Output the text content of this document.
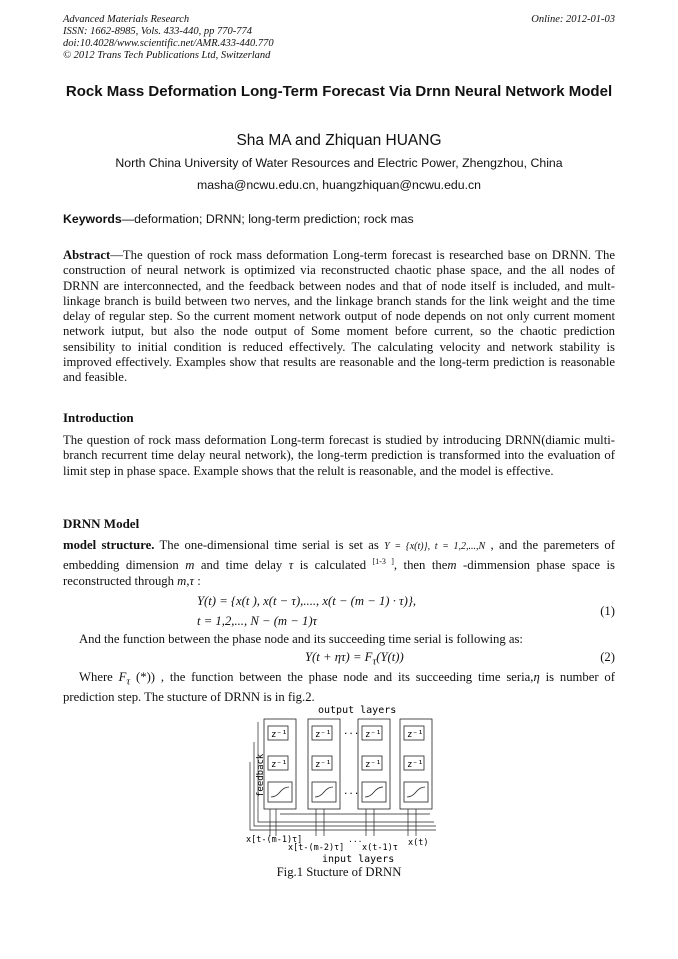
Advanced Materials Research
ISSN: 1662-8985, Vols. 433-440, pp 770-774
doi:10.4028/www.scientific.net/AMR.433-440.770
© 2012 Trans Tech Publications Ltd, Switzerland
Online: 2012-01-03
Rock Mass Deformation Long-Term Forecast Via Drnn Neural Network Model
Sha MA and Zhiquan HUANG
North China University of Water Resources and Electric Power, Zhengzhou, China
masha@ncwu.edu.cn, huangzhiquan@ncwu.edu.cn
Keywords—deformation; DRNN; long-term prediction; rock mas
Abstract—The question of rock mass deformation Long-term forecast is researched base on DRNN. The construction of neural network is optimized via reconstructed chaotic phase space, and the all nodes of DRNN are interconnected, and the feedback between nodes and that of node itself is included, and mult-linkage branch is build between two nerves, and the linkage branch stands for the link weight and the time delay of regular step. So the current moment network output of node depends on not only current moment network iutput, but also the node output of Some moment before current, so the chaotic prediction sensibility to initial condition is reduced effectively. The calculating velocity and network stability is improved effectively. Examples show that results are reasonable and the long-term prediction is reasonable and feasible.
Introduction
The question of rock mass deformation Long-term forecast is studied by introducing DRNN(diamic multi-branch recurrent time delay neural network), the long-term prediction is transformed into the evaluation of limit step in phase space. Example shows that the relult is reasonable, and the model is effective.
DRNN Model
model structure. The one-dimensional time serial is set as Y = {x(t)}, t = 1,2,...,N , and the paremeters of embedding dimension m and time delay τ is calculated [1-3 ], then them -dimmension phase space is reconstructed through m,τ :
Y(t) = {x(t ), x(t − τ),...., x(t − (m − 1) · τ)},
t = 1,2,..., N − (m − 1)τ
(1)
And the function between the phase node and its succeeding time serial is following as:
$Y(t + \eta\tau) = F_\tau(Y(t))$	(2)
Where $F_\tau$ (*)) , the function between the phase node and its succeeding time seria,η is number of prediction step. The stucture of DRNN is in fig.2.
output layers
z⁻¹
z⁻¹
z⁻¹
z⁻¹
...
...
z⁻¹
z⁻¹
z⁻¹
z⁻¹
feedback
...
x[t-(m-1)τ]
x[t-(m-2)τ] x(t-1)τ x(t)
input layers
Fig.1 Stucture of DRNN
